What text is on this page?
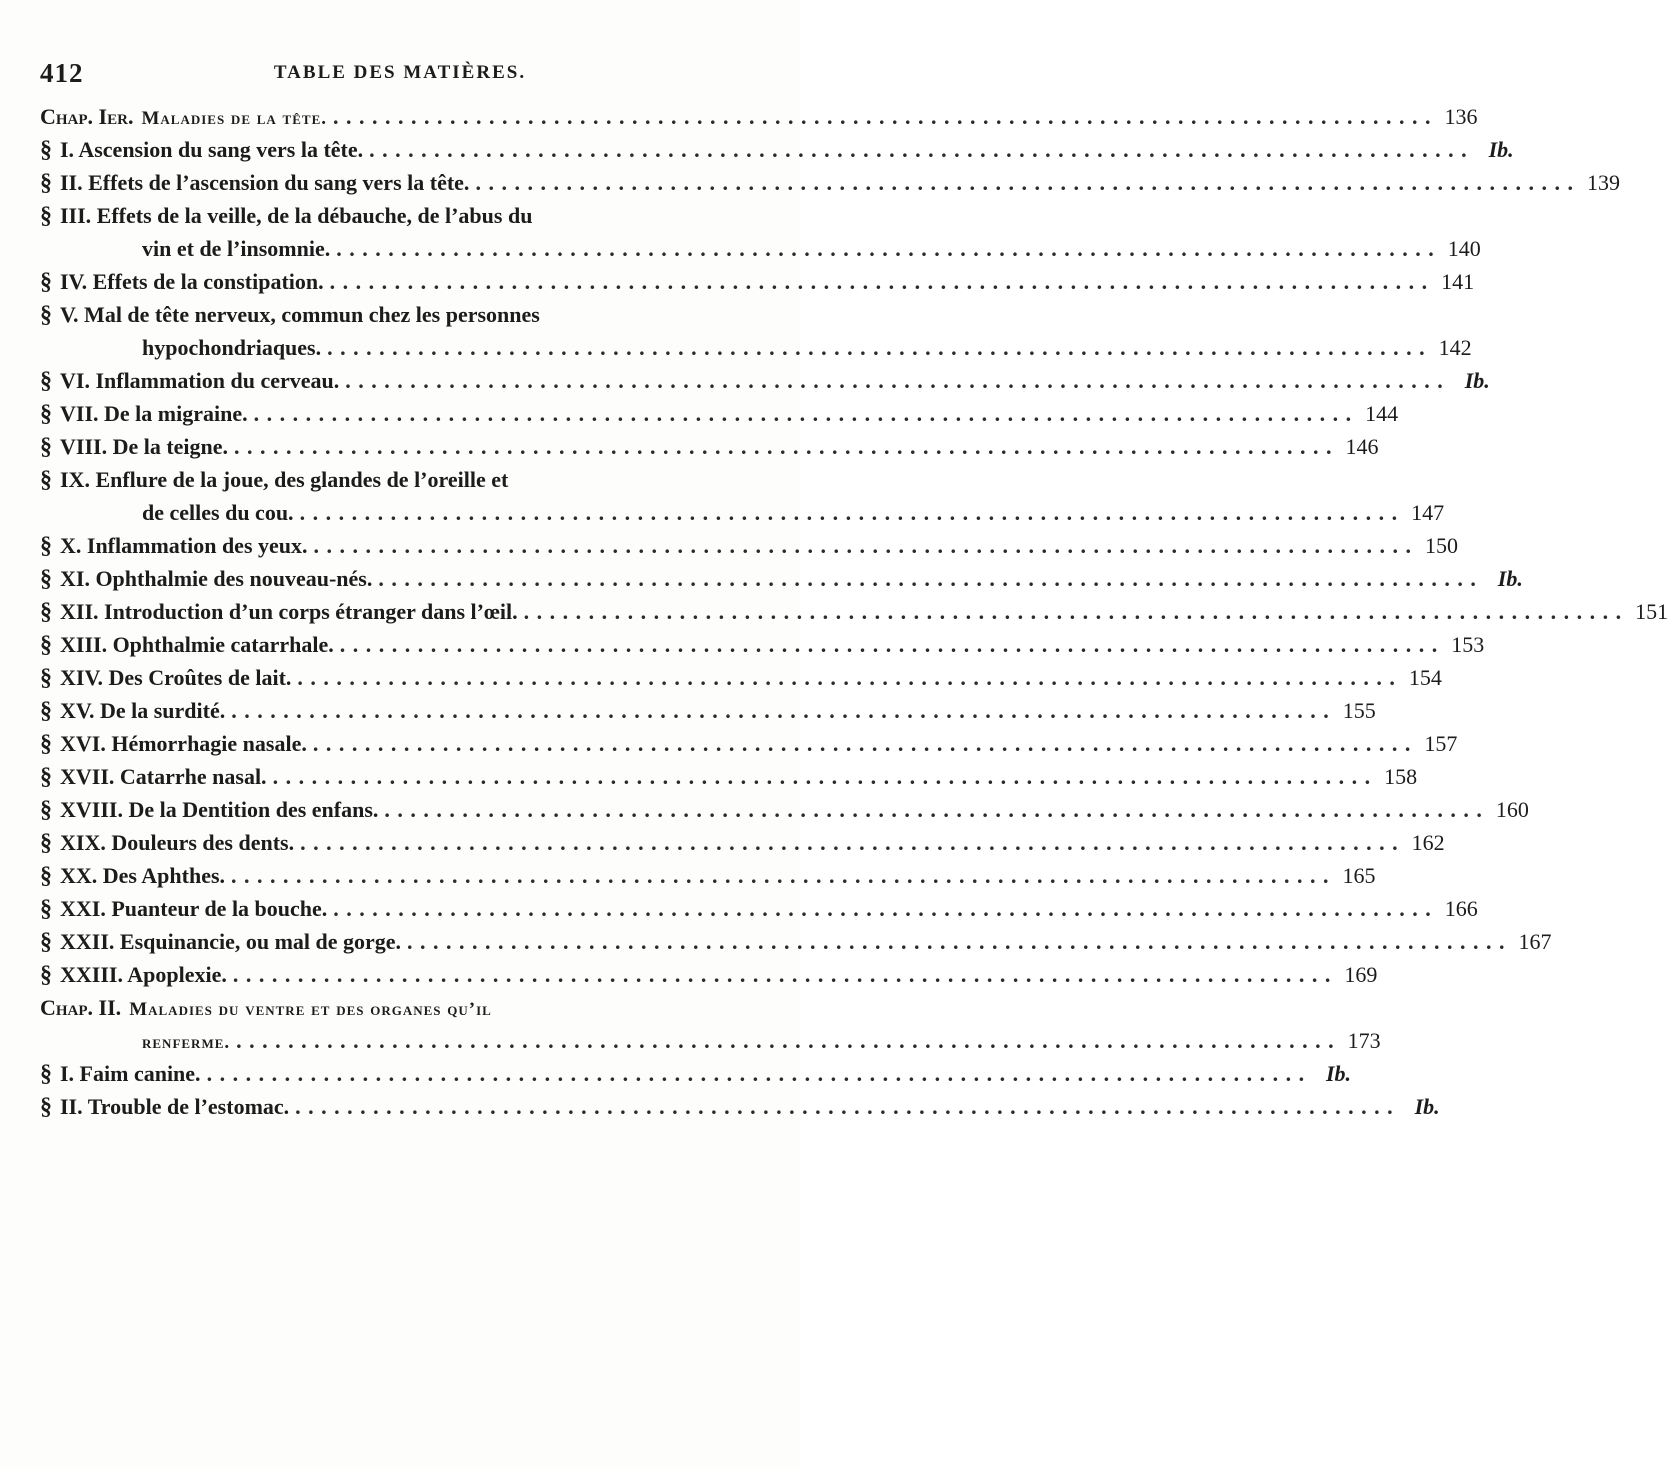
412	TABLE DES MATIÈRES.
Chap. Ier. Maladies de la tête. . . .	136
§ I. Ascension du sang vers la tête. . . .	Ib.
§ II. Effets de l’ascension du sang vers la tête. . . .	139
§ III. Effets de la veille, de la débauche, de l’abus du
vin et de l’insomnie. . . .	140
§ IV. Effets de la constipation. . . .	141
§ V. Mal de tête nerveux, commun chez les personnes
hypochondriaques. . . .	142
§ VI. Inflammation du cerveau. . . .	Ib.
§ VII. De la migraine. . . .	144
§ VIII. De la teigne. . . .	146
§ IX. Enflure de la joue, des glandes de l’oreille et
de celles du cou. . . .	147
§ X. Inflammation des yeux. . . .	150
§ XI. Ophthalmie des nouveau-nés. . . .	Ib.
§ XII. Introduction d’un corps étranger dans l’œil. . . .	151
§ XIII. Ophthalmie catarrhale. . . .	153
§ XIV. Des Croûtes de lait. . . .	154
§ XV. De la surdité. . . .	155
§ XVI. Hémorrhagie nasale. . . .	157
§ XVII. Catarrhe nasal. . . .	158
§ XVIII. De la Dentition des enfans. . . .	160
§ XIX. Douleurs des dents. . . .	162
§ XX. Des Aphthes. . . .	165
§ XXI. Puanteur de la bouche. . . .	166
§ XXII. Esquinancie, ou mal de gorge. . . .	167
§ XXIII. Apoplexie. . . .	169
Chap. II. Maladies du ventre et des organes qu’il
renferme. . . .	173
§ I. Faim canine. . . .	Ib.
§ II. Trouble de l’estomac. . . .	Ib.
